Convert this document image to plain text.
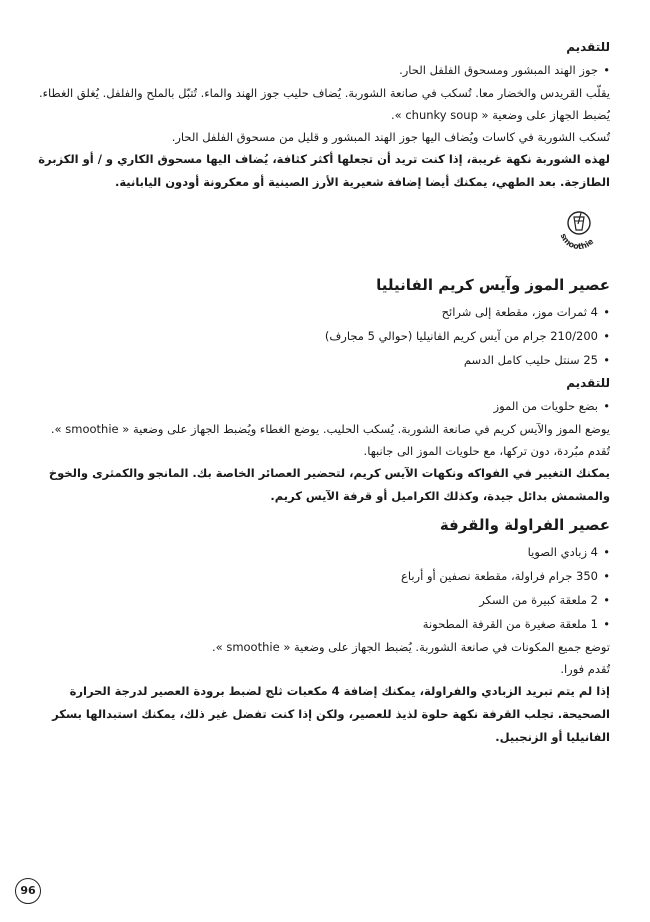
للتقديم

• جوز الهند المبشور ومسحوق الفلفل الحار.

يقلّب القريدس والخضار معا. تُسكب في صانعة الشوربة. يُضاف حليب جوز الهند والماء. تُتبّل بالملح والفلفل. يُغلق الغطاء.

يُضبط الجهاز على وضعية « chunky soup ».

تُسكب الشوربة في كاسات ويُضاف اليها جوز الهند المبشور و قليل من مسحوق الفلفل الحار.

لهذه الشوربة نكهة غريبة، إذا كنت تريد أن تجعلها أكثر كثافة، يُضاف اليها مسحوق الكاري و / أو الكزبرة الطازجة. بعد الطهي، يمكنك أيضا إضافة شعيرية الأرز الصينية أو معكرونة أودون اليابانية.

عصير الموز وآيس كريم الفانيليا

• 4 ثمرات موز، مقطعة إلى شرائح
• 210/200 جرام من آيس كريم الفانيليا (حوالي 5 مجارف)
• 25 سنتل حليب كامل الدسم

للتقديم

• بضع حلويات من الموز

يوضع الموز والآيس كريم في صانعة الشوربة. يُسكب الحليب. يوضع الغطاء ويُضبط الجهاز على وضعية « smoothie ».

تُقدم مبُردة، دون تركها، مع حلويات الموز الى جانبها.

يمكنك التغيير في الفواكه ونكهات الآيس كريم، لتحضير العصائر الخاصة بك. المانجو والكمثرى والخوخ والمشمش بدائل جيدة، وكذلك الكراميل أو قرفة الآيس كريم.

عصير الفراولة والقرفة

• 4 زبادي الصويا
• 350 جرام فراولة، مقطعة نصفين أو أرباع
• 2 ملعقة كبيرة من السكر
• 1 ملعقة صغيرة من القرفة المطحونة

توضع جميع المكونات في صانعة الشوربة. يُضبط الجهاز على وضعية « smoothie ».

تُقدم فورا.

إذا لم يتم تبريد الزبادي والفراولة، يمكنك إضافة 4 مكعبات ثلج لضبط برودة العصير لدرجة الحرارة الصحيحة. تجلب القرفة نكهة حلوة لذيذ للعصير، ولكن إذا كنت تفضل غير ذلك، يمكنك استبدالها بسكر الفانيليا أو الزنجبيل.

smoothie
96
